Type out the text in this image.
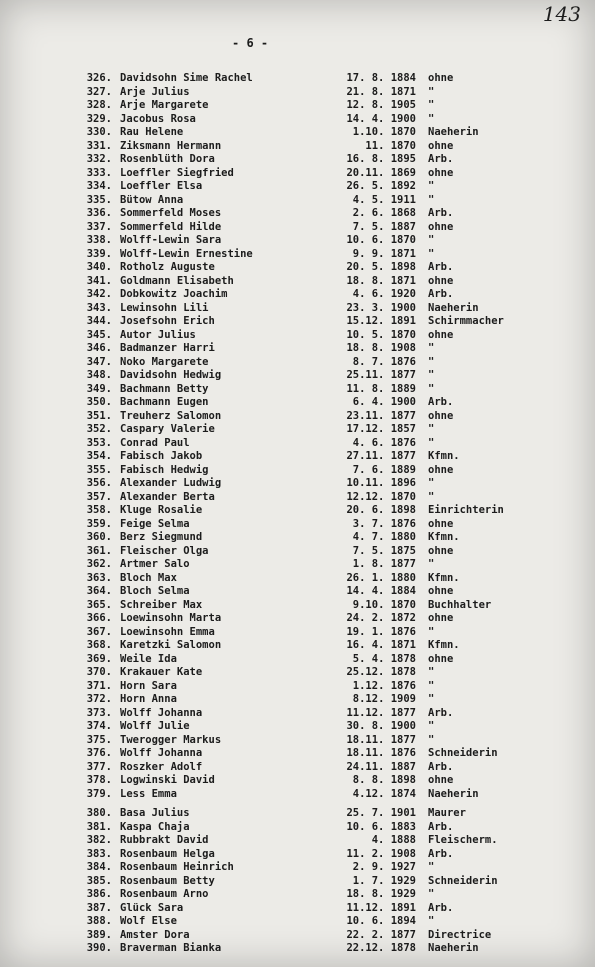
143
- 6 -
326. Davidsohn Sime Rachel	17. 8. 1884	ohne
327. Arje Julius	21. 8. 1871	"
328. Arje Margarete	12. 8. 1905	"
329. Jacobus Rosa	14. 4. 1900	"
330. Rau Helene	1.10. 1870	Naeherin
331. Ziksmann Hermann	11. 1870	ohne
332. Rosenblüth Dora	16. 8. 1895	Arb.
333. Loeffler Siegfried	20.11. 1869	ohne
334. Loeffler Elsa	26. 5. 1892	"
335. Bütow Anna	4. 5. 1911	"
336. Sommerfeld Moses	2. 6. 1868	Arb.
337. Sommerfeld Hilde	7. 5. 1887	ohne
338. Wolff-Lewin Sara	10. 6. 1870	"
339. Wolff-Lewin Ernestine	9. 9. 1871	"
340. Rotholz Auguste	20. 5. 1898	Arb.
341. Goldmann Elisabeth	18. 8. 1871	ohne
342. Dobkowitz Joachim	4. 6. 1920	Arb.
343. Lewinsohn Lili	23. 3. 1900	Naeherin
344. Josefsohn Erich	15.12. 1891	Schirmmacher
345. Autor Julius	10. 5. 1870	ohne
346. Badmanzer Harri	18. 8. 1908	"
347. Noko Margarete	8. 7. 1876	"
348. Davidsohn Hedwig	25.11. 1877	"
349. Bachmann Betty	11. 8. 1889	"
350. Bachmann Eugen	6. 4. 1900	Arb.
351. Treuherz Salomon	23.11. 1877	ohne
352. Caspary Valerie	17.12. 1857	"
353. Conrad Paul	4. 6. 1876	"
354. Fabisch Jakob	27.11. 1877	Kfmn.
355. Fabisch Hedwig	7. 6. 1889	ohne
356. Alexander Ludwig	10.11. 1896	"
357. Alexander Berta	12.12. 1870	"
358. Kluge Rosalie	20. 6. 1898	Einrichterin
359. Feige Selma	3. 7. 1876	ohne
360. Berz Siegmund	4. 7. 1880	Kfmn.
361. Fleischer Olga	7. 5. 1875	ohne
362. Artmer Salo	1. 8. 1877	"
363. Bloch Max	26. 1. 1880	Kfmn.
364. Bloch Selma	14. 4. 1884	ohne
365. Schreiber Max	9.10. 1870	Buchhalter
366. Loewinsohn Marta	24. 2. 1872	ohne
367. Loewinsohn Emma	19. 1. 1876	"
368. Karetzki Salomon	16. 4. 1871	Kfmn.
369. Weile Ida	5. 4. 1878	ohne
370. Krakauer Kate	25.12. 1878	"
371. Horn Sara	1.12. 1876	"
372. Horn Anna	8.12. 1909	"
373. Wolff Johanna	11.12. 1877	Arb.
374. Wolff Julie	30. 8. 1900	"
375. Twerogger Markus	18.11. 1877	"
376. Wolff Johanna	18.11. 1876	Schneiderin
377. Roszker Adolf	24.11. 1887	Arb.
378. Logwinski David	8. 8. 1898	ohne
379. Less Emma	4.12. 1874	Naeherin
380. Basa Julius	25. 7. 1901	Maurer
381. Kaspa Chaja	10. 6. 1883	Arb.
382. Rubbrakt David	4. 1888	Fleischerm.
383. Rosenbaum Helga	11. 2. 1908	Arb.
384. Rosenbaum Heinrich	2. 9. 1927	"
385. Rosenbaum Betty	1. 7. 1929	Schneiderin
386. Rosenbaum Arno	18. 8. 1929	"
387. Glück Sara	11.12. 1891	Arb.
388. Wolf Else	10. 6. 1894	"
389. Amster Dora	22. 2. 1877	Directrice
390. Braverman Bianka	22.12. 1878	Naeherin
